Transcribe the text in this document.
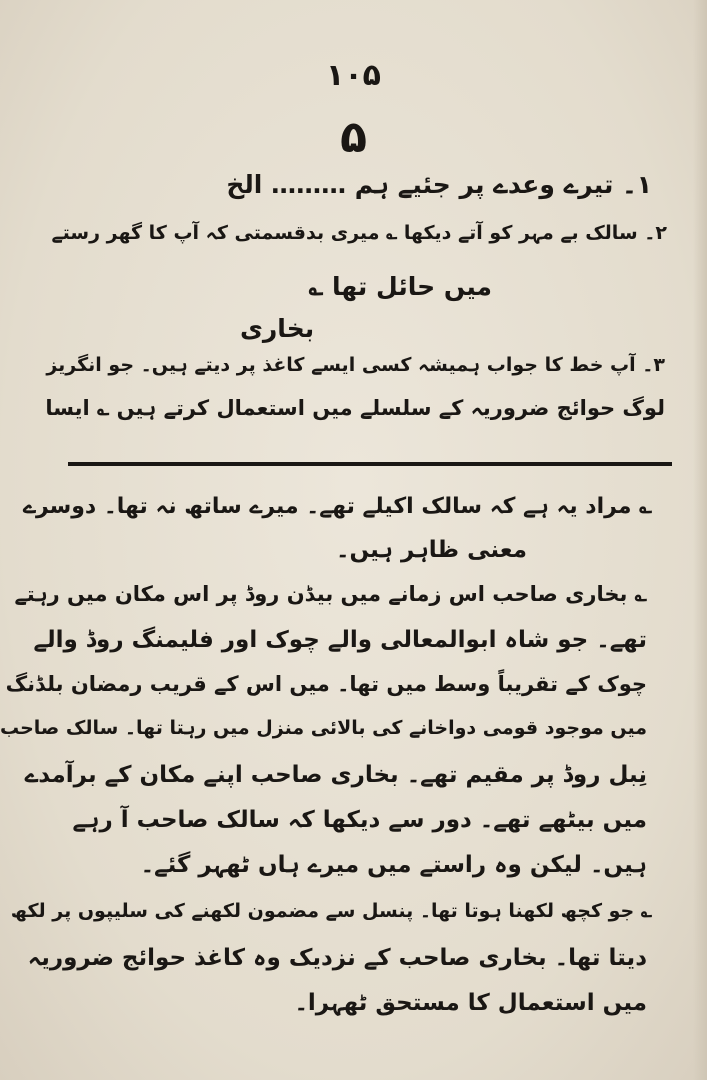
۱۰۵
۵
۱۔ تیرے وعدے پر جئیے ہم ……… الخ
۲۔ سالک بے مہر کو آتے دیکھا ؎ میری بدقسمتی کہ آپ کا گھر رستے
میں حائل تھا ؎
بخاری
۳۔ آپ خط کا جواب ہمیشہ کسی ایسے کاغذ پر دیتے ہیں۔ جو انگریز
لوگ حوائج ضروریہ کے سلسلے میں استعمال کرتے ہیں ؎ ایسا
؎ مراد یہ ہے کہ سالک اکیلے تھے۔ میرے ساتھ نہ تھا۔ دوسرے
معنی ظاہر ہیں۔
؎ بخاری صاحب اس زمانے میں بیڈن روڈ پر اس مکان میں رہتے
تھے۔ جو شاہ ابوالمعالی والے چوک اور فلیمنگ روڈ والے
چوک کے تقریباً وسط میں تھا۔ میں اس کے قریب رمضان بلڈنگ
میں موجود قومی دواخانے کی بالائی منزل میں رہتا تھا۔ سالک صاحب
نِبل روڈ پر مقیم تھے۔ بخاری صاحب اپنے مکان کے برآمدے
میں بیٹھے تھے۔ دور سے دیکھا کہ سالک صاحب آ رہے
ہیں۔ لیکن وہ راستے میں میرے ہاں ٹھہر گئے۔
؎ جو کچھ لکھنا ہوتا تھا۔ پنسل سے مضمون لکھنے کی سلیپوں پر لکھ
دیتا تھا۔ بخاری صاحب کے نزدیک وہ کاغذ حوائج ضروریہ
میں استعمال کا مستحق ٹھہرا۔
